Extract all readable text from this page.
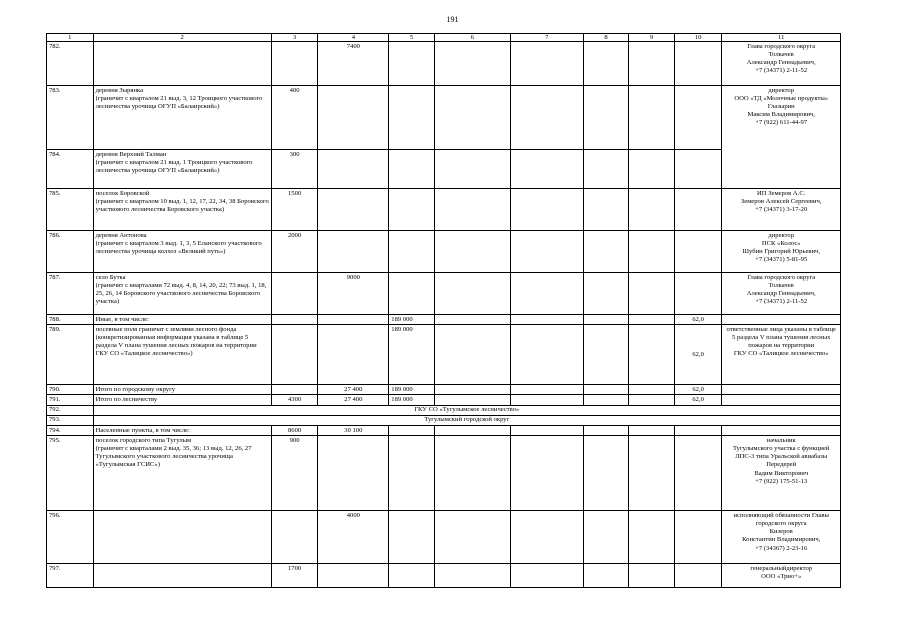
191
1	2	3	4	5	6	7	8	9	10	11
782.			7400							Глава городского округа
Толкачев
Александр Геннадьевич,
+7 (34371) 2-11-52
783.	деревня Зырянка
(граничит с кварталом 21 выд. 3, 12 Троицкого участкового лесничества урочища ОГУП «Балаирский»)	400								директор
ООО «ТД «Молочные продукты»
Глазырин
Максим Владимирович,
+7 (922) 611-44-97
784.	деревня Верхний Талман
(граничит с кварталом 21 выд. 1 Троицкого участкового лесничества урочища ОГУП «Балаирский»)	300								
785.	поселок Боровской
(граничит с кварталом 10 выд. 1, 12, 17, 22, 34, 38 Боровского участкового лесничества Боровского участка)	1500								ИП Земеров А.С.
Земеров Алексей Сергеевич,
+7 (34371) 3-17-20
786.	деревня Антонова
(граничит с кварталом 3 выд. 1, 3, 5 Еланского участкового лесничества урочища колхоз «Великий путь»)	2000								директор
ПСК «Колос»
Шубин Григорий Юрьевич,
+7 (34371) 5-81-95
787.	село Бутка
(граничит с кварталами 72 выд. 4, 8, 14, 20, 22; 73 выд. 1, 18, 25, 26, 14 Боровского участкового лесничества Боровского участка)		9000							Глава городского округа
Толкачев
Александр Геннадьевич,
+7 (34371) 2-11-52
788.	Иные, в том числе:			189 000					62,0	
789.	посевные поля граничат с землями лесного фонда
(конкретизированная информация указана в таблице 5 раздела V плана тушения лесных пожаров на территории ГКУ СО «Талицкое лесничество»)			189 000					62,0	ответственные лица указаны в таблице 5 раздела V плана тушения лесных пожаров на территории
ГКУ СО «Талицкое лесничество»
790.	Итого по городскому округу		27 400	189 000					62,0	
791.	Итого по лесничеству	4300	27 400	189 000					62,0	
792.	ГКУ СО «Тугулымское лесничество»									
793.	Тугулымский городской округ									
794.	Населенные пункты, в том числе:	8600	30 100							
795.	поселок городского типа Тугулым
(граничит с кварталами 2 выд. 35, 36; 13 выд. 12, 26, 27 Тугулымского участкового лесничества урочища «Тугулымская ГСИС»)	900								начальник
Тугулымского участка с функцией ЛПС-3 типа Уральской авиабазы
Передерей
Вадим Викторович
+7 (922) 175-51-13
796.			4000							исполняющий обязанности Главы городского округа
Кизеров
Константин Владимирович,
+7 (34367) 2-23-16
797.		1700								генеральныйдиректор
ООО «Трио+»
